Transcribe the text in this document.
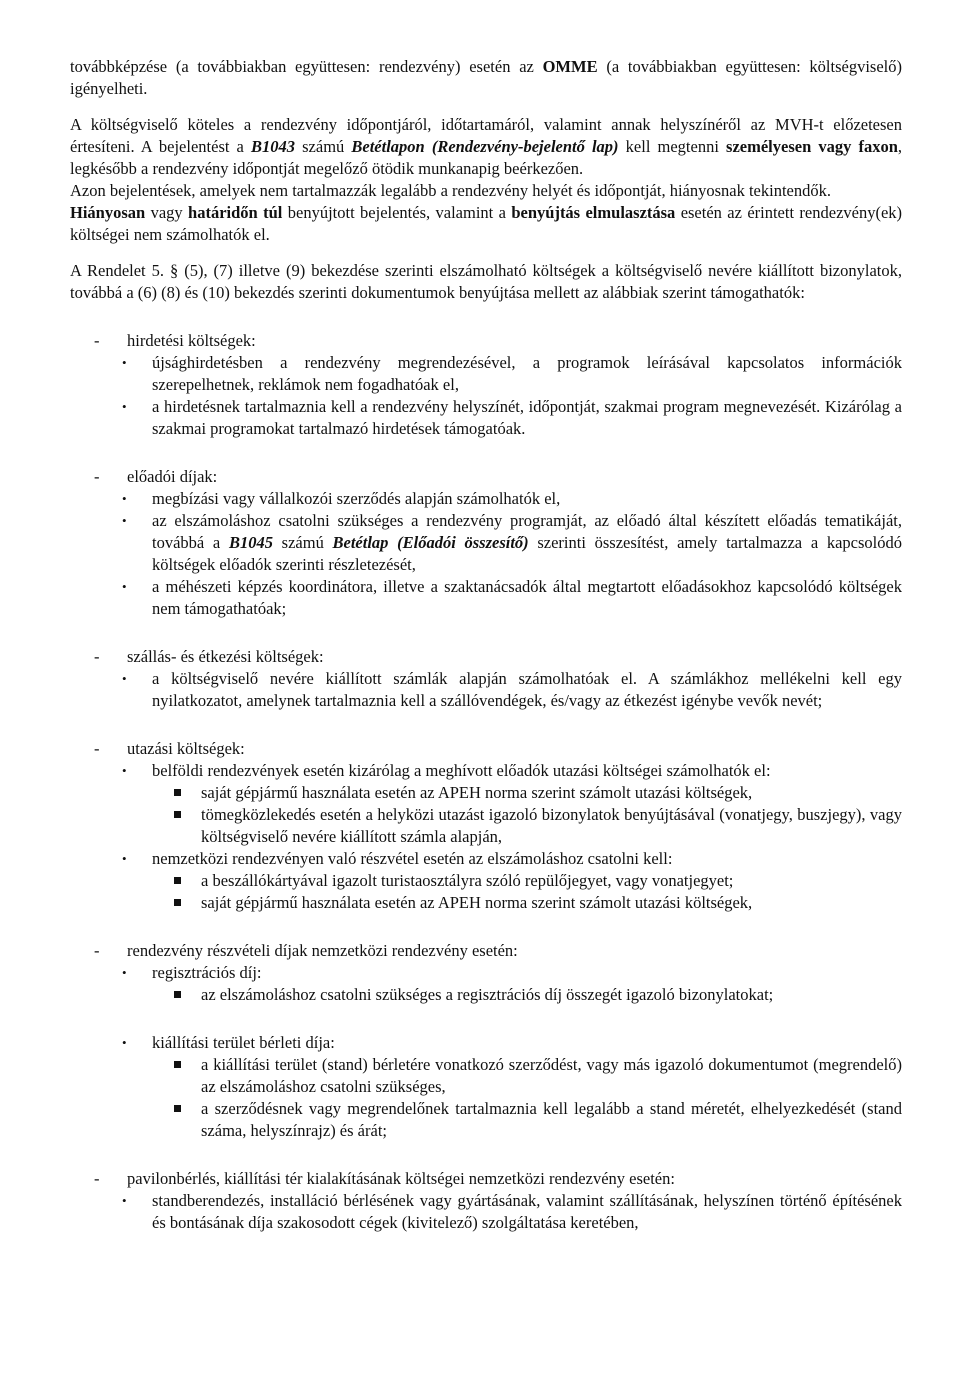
továbbképzése (a továbbiakban együttesen: rendezvény) esetén az OMME (a továbbiakban együttesen: költségviselő) igényelheti.

A költségviselő köteles a rendezvény időpontjáról, időtartamáról, valamint annak helyszínéről az MVH-t előzetesen értesíteni. A bejelentést a B1043 számú Betétlapon (Rendezvény-bejelentő lap) kell megtenni személyesen vagy faxon, legkésőbb a rendezvény időpontját megelőző ötödik munkanapig beérkezően.

Azon bejelentések, amelyek nem tartalmazzák legalább a rendezvény helyét és időpontját, hiányosnak tekintendők.

Hiányosan vagy határidőn túl benyújtott bejelentés, valamint a benyújtás elmulasztása esetén az érintett rendezvény(ek) költségei nem számolhatók el.

A Rendelet 5. § (5), (7) illetve (9) bekezdése szerinti elszámolható költségek a költségviselő nevére kiállított bizonylatok, továbbá a (6) (8) és (10) bekezdés szerinti dokumentumok benyújtása mellett az alábbiak szerint támogathatók:

-	hirdetési költségek:
•	újsághirdetésben a rendezvény megrendezésével, a programok leírásával kapcsolatos információk szerepelhetnek, reklámok nem fogadhatóak el,
•	a hirdetésnek tartalmaznia kell a rendezvény helyszínét, időpontját, szakmai program megnevezését. Kizárólag a szakmai programokat tartalmazó hirdetések támogatóak.
-	előadói díjak:
•	megbízási vagy vállalkozói szerződés alapján számolhatók el,
•	az elszámoláshoz csatolni szükséges a rendezvény programját, az előadó által készített előadás tematikáját, továbbá a B1045 számú Betétlap (Előadói összesítő) szerinti összesítést, amely tartalmazza a kapcsolódó költségek előadók szerinti részletezését,
•	a méhészeti képzés koordinátora, illetve a szaktanácsadók által megtartott előadásokhoz kapcsolódó költségek nem támogathatóak;
-	szállás- és étkezési költségek:
•	a költségviselő nevére kiállított számlák alapján számolhatóak el. A számlákhoz mellékelni kell egy nyilatkozatot, amelynek tartalmaznia kell a szállóvendégek, és/vagy az étkezést igénybe vevők nevét;
-	utazási költségek:
•	belföldi rendezvények esetén kizárólag a meghívott előadók utazási költségei számolhatók el:
saját gépjármű használata esetén az APEH norma szerint számolt utazási költségek,
tömegközlekedés esetén a helyközi utazást igazoló bizonylatok benyújtásával (vonatjegy, buszjegy), vagy költségviselő nevére kiállított számla alapján,
•	nemzetközi rendezvényen való részvétel esetén az elszámoláshoz csatolni kell:
a beszállókártyával igazolt turistaosztályra szóló repülőjegyet, vagy vonatjegyet;
saját gépjármű használata esetén az APEH norma szerint számolt utazási költségek,
-	rendezvény részvételi díjak nemzetközi rendezvény esetén:
•	regisztrációs díj:
az elszámoláshoz csatolni szükséges a regisztrációs díj összegét igazoló bizonylatokat;
•	kiállítási terület bérleti díja:
a kiállítási terület (stand) bérletére vonatkozó szerződést, vagy más igazoló dokumentumot (megrendelő) az elszámoláshoz csatolni szükséges,
a szerződésnek vagy megrendelőnek tartalmaznia kell legalább a stand méretét, elhelyezkedését (stand száma, helyszínrajz) és árát;
-	pavilonbérlés, kiállítási tér kialakításának költségei nemzetközi rendezvény esetén:
•	standberendezés, installáció bérlésének vagy gyártásának, valamint szállításának, helyszínen történő építésének és bontásának díja szakosodott cégek (kivitelező) szolgáltatása keretében,
